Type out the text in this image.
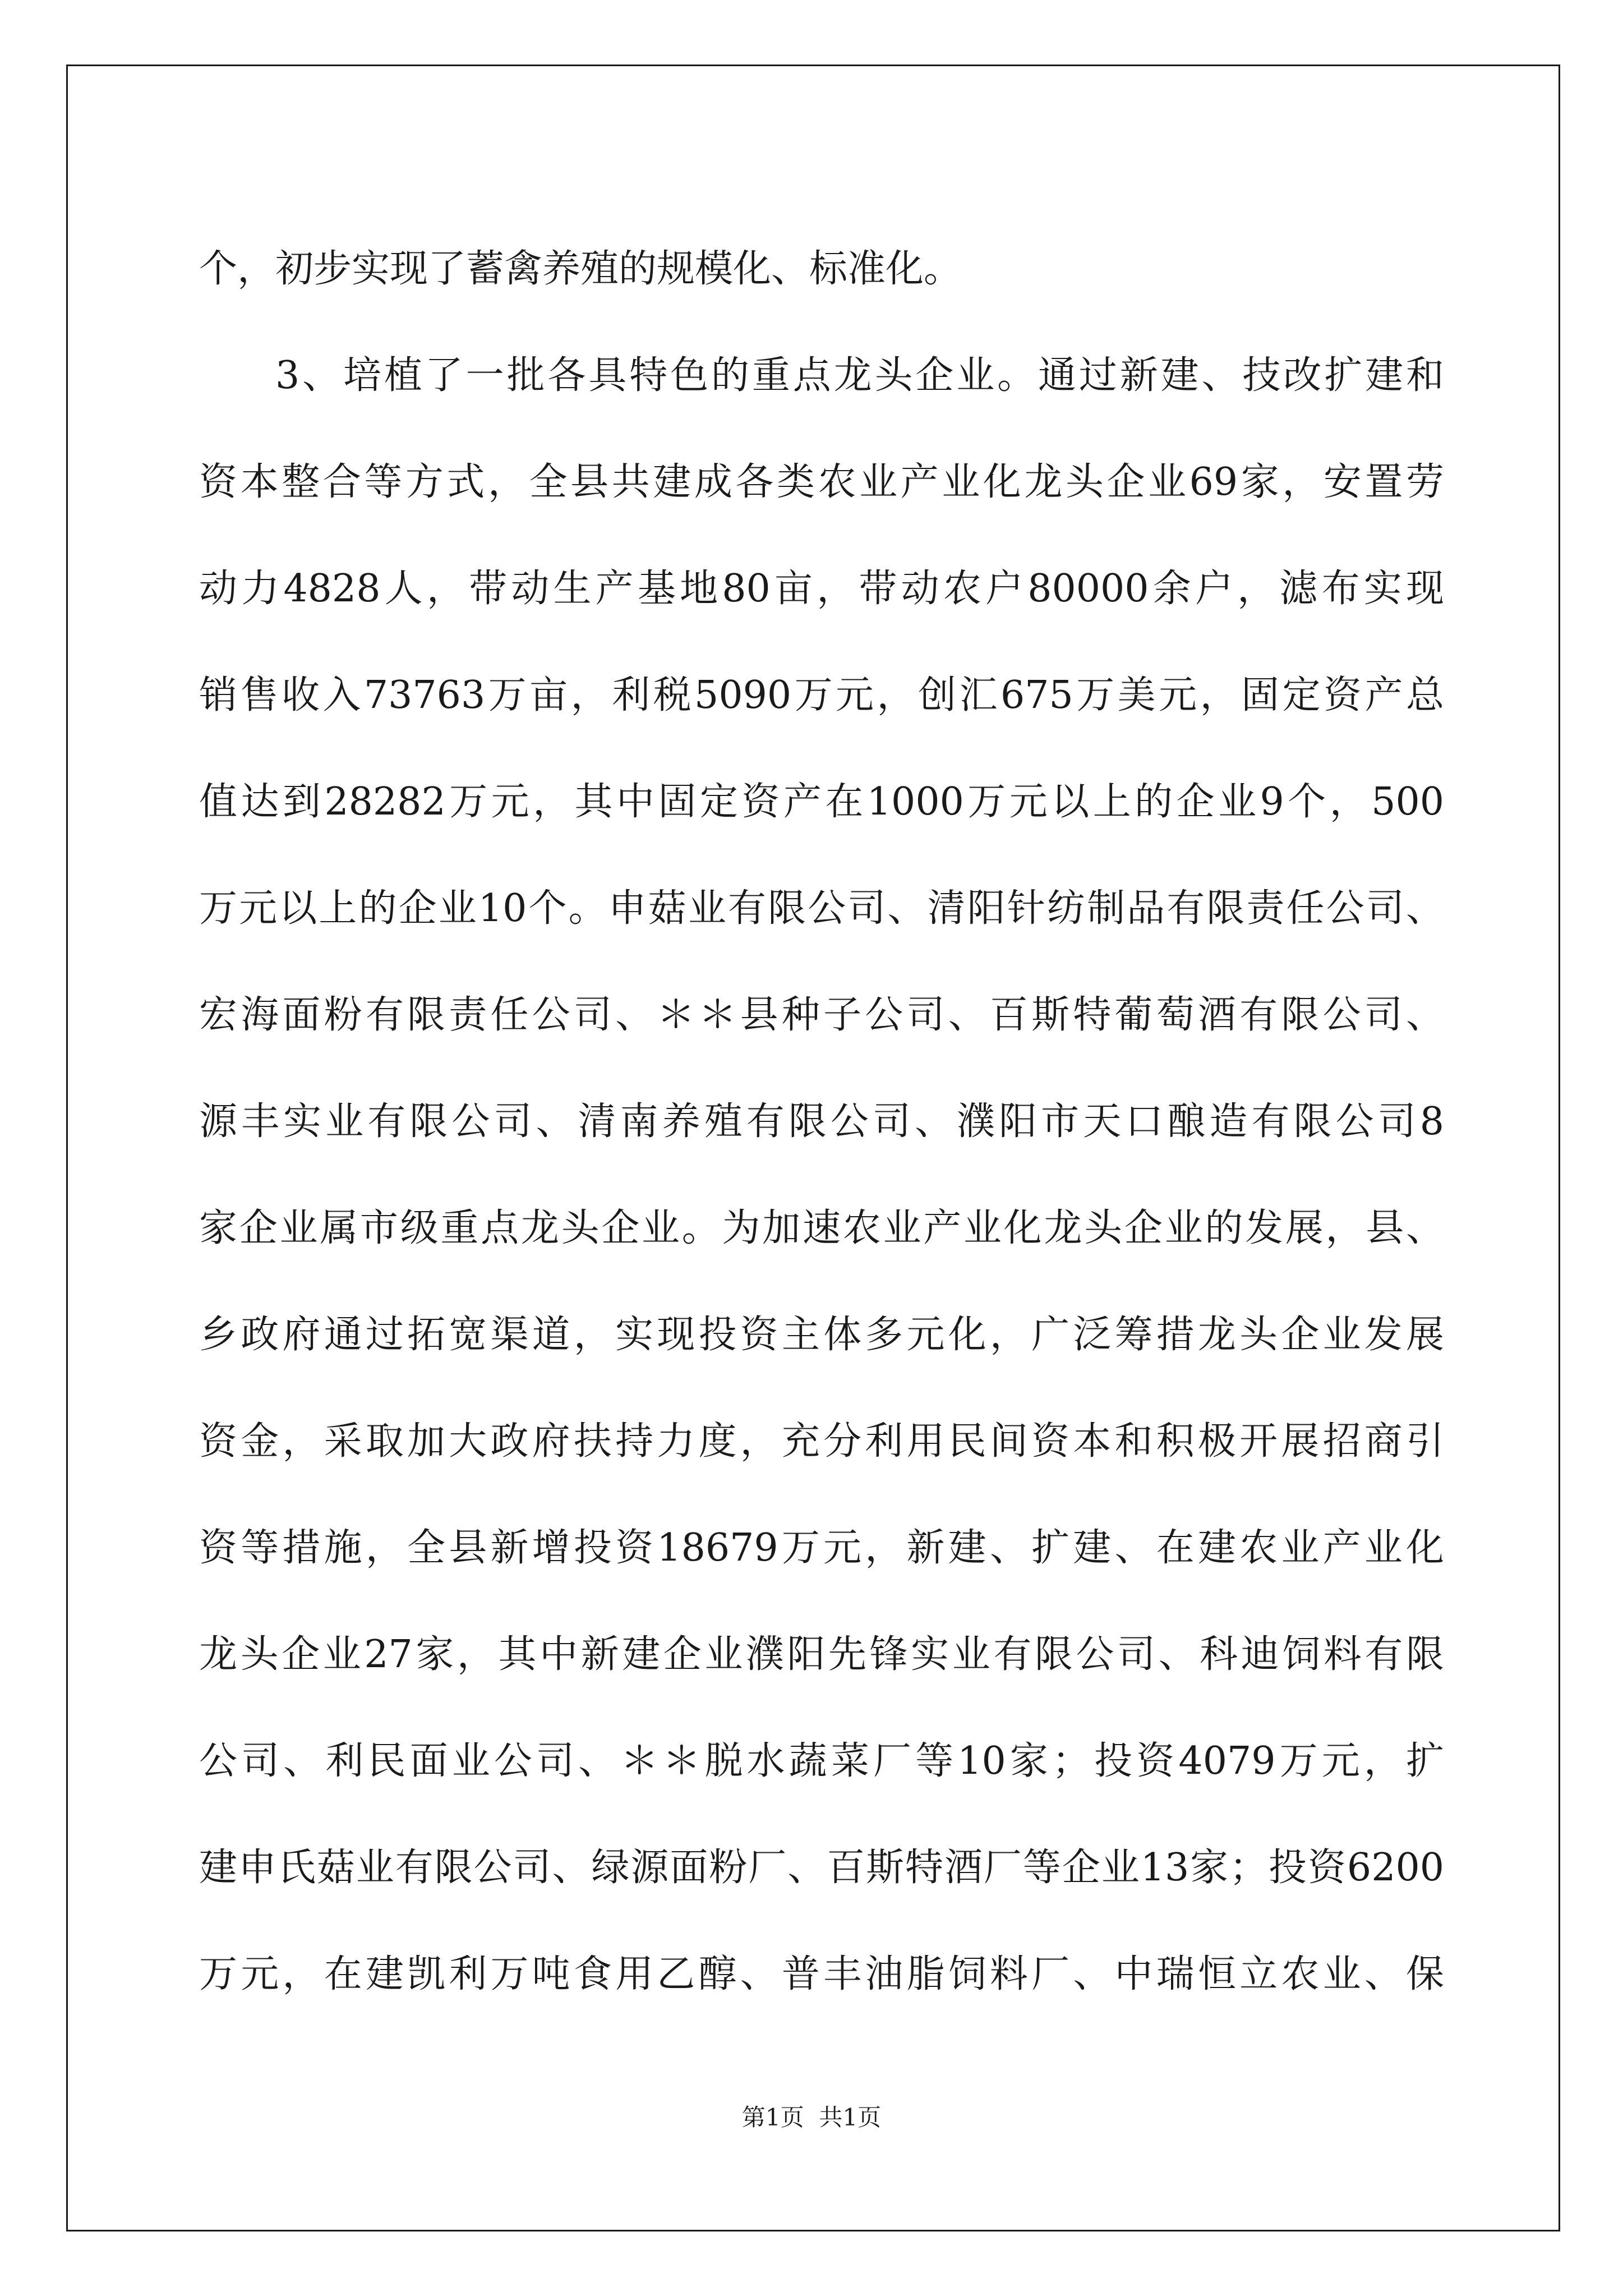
个，初步实现了蓄禽养殖的规模化、标准化。
3、培植了一批各具特色的重点龙头企业。通过新建、技改扩建和
资本整合等方式，全县共建成各类农业产业化龙头企业69家，安置劳
动力4828人，带动生产基地80亩，带动农户80000余户，滤布实现
销售收入73763万亩，利税5090万元，创汇675万美元，固定资产总
值达到28282万元，其中固定资产在1000万元以上的企业9个，500
万元以上的企业10个。申菇业有限公司、清阳针纺制品有限责任公司、
宏海面粉有限责任公司、＊＊县种子公司、百斯特葡萄酒有限公司、
源丰实业有限公司、清南养殖有限公司、濮阳市天口酿造有限公司8
家企业属市级重点龙头企业。为加速农业产业化龙头企业的发展，县、
乡政府通过拓宽渠道，实现投资主体多元化，广泛筹措龙头企业发展
资金，采取加大政府扶持力度，充分利用民间资本和积极开展招商引
资等措施，全县新增投资18679万元，新建、扩建、在建农业产业化
龙头企业27家，其中新建企业濮阳先锋实业有限公司、科迪饲料有限
公司、利民面业公司、＊＊脱水蔬菜厂等10家；投资4079万元，扩
建申氏菇业有限公司、绿源面粉厂、百斯特酒厂等企业13家；投资6200
万元，在建凯利万吨食用乙醇、普丰油脂饲料厂、中瑞恒立农业、保
第1页  共1页
